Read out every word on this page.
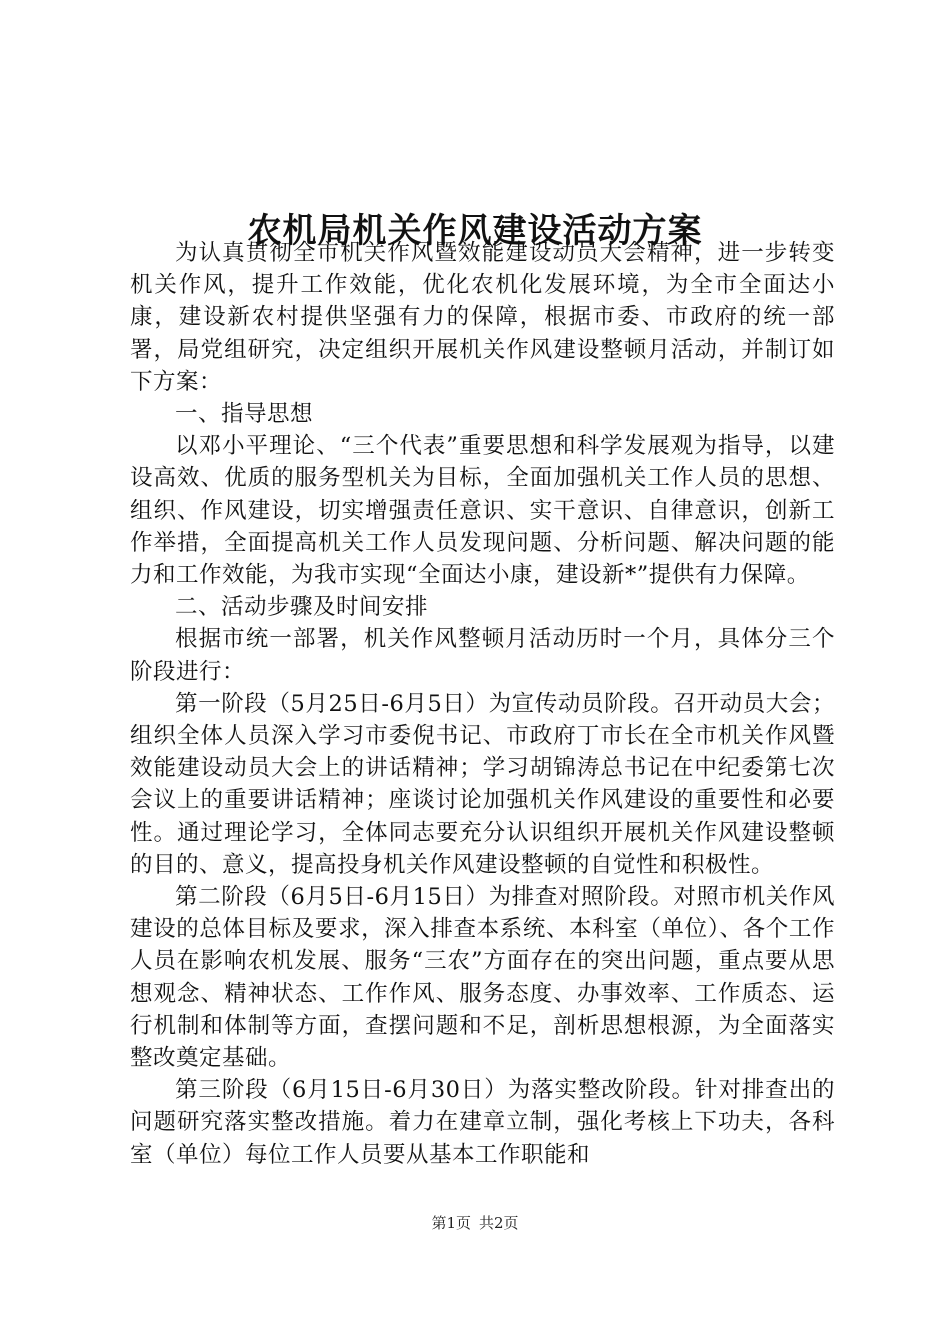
农机局机关作风建设活动方案

为认真贯彻全市机关作风暨效能建设动员大会精神，进一步转变机关作风，提升工作效能，优化农机化发展环境，为全市全面达小康，建设新农村提供坚强有力的保障，根据市委、市政府的统一部署，局党组研究，决定组织开展机关作风建设整顿月活动，并制订如下方案：

一、指导思想

以邓小平理论、“三个代表”重要思想和科学发展观为指导，以建设高效、优质的服务型机关为目标，全面加强机关工作人员的思想、组织、作风建设，切实增强责任意识、实干意识、自律意识，创新工作举措，全面提高机关工作人员发现问题、分析问题、解决问题的能力和工作效能，为我市实现“全面达小康，建设新*”提供有力保障。

二、活动步骤及时间安排

根据市统一部署，机关作风整顿月活动历时一个月，具体分三个阶段进行：

第一阶段（5月25日-6月5日）为宣传动员阶段。召开动员大会；组织全体人员深入学习市委倪书记、市政府丁市长在全市机关作风暨效能建设动员大会上的讲话精神；学习胡锦涛总书记在中纪委第七次会议上的重要讲话精神；座谈讨论加强机关作风建设的重要性和必要性。通过理论学习，全体同志要充分认识组织开展机关作风建设整顿的目的、意义，提高投身机关作风建设整顿的自觉性和积极性。

第二阶段（6月5日-6月15日）为排查对照阶段。对照市机关作风建设的总体目标及要求，深入排查本系统、本科室（单位）、各个工作人员在影响农机发展、服务“三农”方面存在的突出问题，重点要从思想观念、精神状态、工作作风、服务态度、办事效率、工作质态、运行机制和体制等方面，查摆问题和不足，剖析思想根源，为全面落实整改奠定基础。

第三阶段（6月15日-6月30日）为落实整改阶段。针对排查出的问题研究落实整改措施。着力在建章立制，强化考核上下功夫，各科室（单位）每位工作人员要从基本工作职能和

第1页 共2页
